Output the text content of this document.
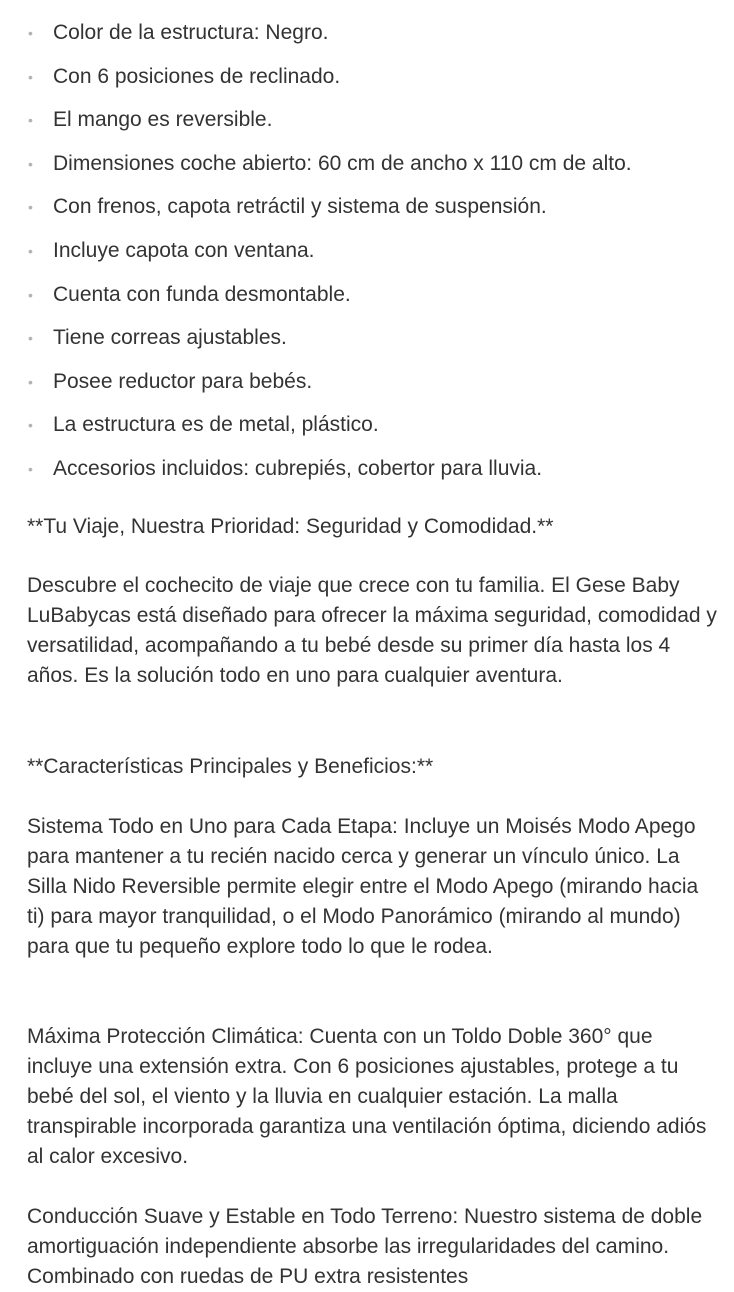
• Color de la estructura: Negro.
• Con 6 posiciones de reclinado.
• El mango es reversible.
• Dimensiones coche abierto: 60 cm de ancho x 110 cm de alto.
• Con frenos, capota retráctil y sistema de suspensión.
• Incluye capota con ventana.
• Cuenta con funda desmontable.
• Tiene correas ajustables.
• Posee reductor para bebés.
• La estructura es de metal, plástico.
• Accesorios incluidos: cubrepiés, cobertor para lluvia.

**Tu Viaje, Nuestra Prioridad: Seguridad y Comodidad.**

Descubre el cochecito de viaje que crece con tu familia. El Gese Baby LuBabycas está diseñado para ofrecer la máxima seguridad, comodidad y versatilidad, acompañando a tu bebé desde su primer día hasta los 4 años. Es la solución todo en uno para cualquier aventura.

**Características Principales y Beneficios:**

Sistema Todo en Uno para Cada Etapa: Incluye un Moisés Modo Apego para mantener a tu recién nacido cerca y generar un vínculo único. La Silla Nido Reversible permite elegir entre el Modo Apego (mirando hacia ti) para mayor tranquilidad, o el Modo Panorámico (mirando al mundo) para que tu pequeño explore todo lo que le rodea.

Máxima Protección Climática: Cuenta con un Toldo Doble 360° que incluye una extensión extra. Con 6 posiciones ajustables, protege a tu bebé del sol, el viento y la lluvia en cualquier estación. La malla transpirable incorporada garantiza una ventilación óptima, diciendo adiós al calor excesivo.

Conducción Suave y Estable en Todo Terreno: Nuestro sistema de doble amortiguación independiente absorbe las irregularidades del camino. Combinado con ruedas de PU extra resistentes
